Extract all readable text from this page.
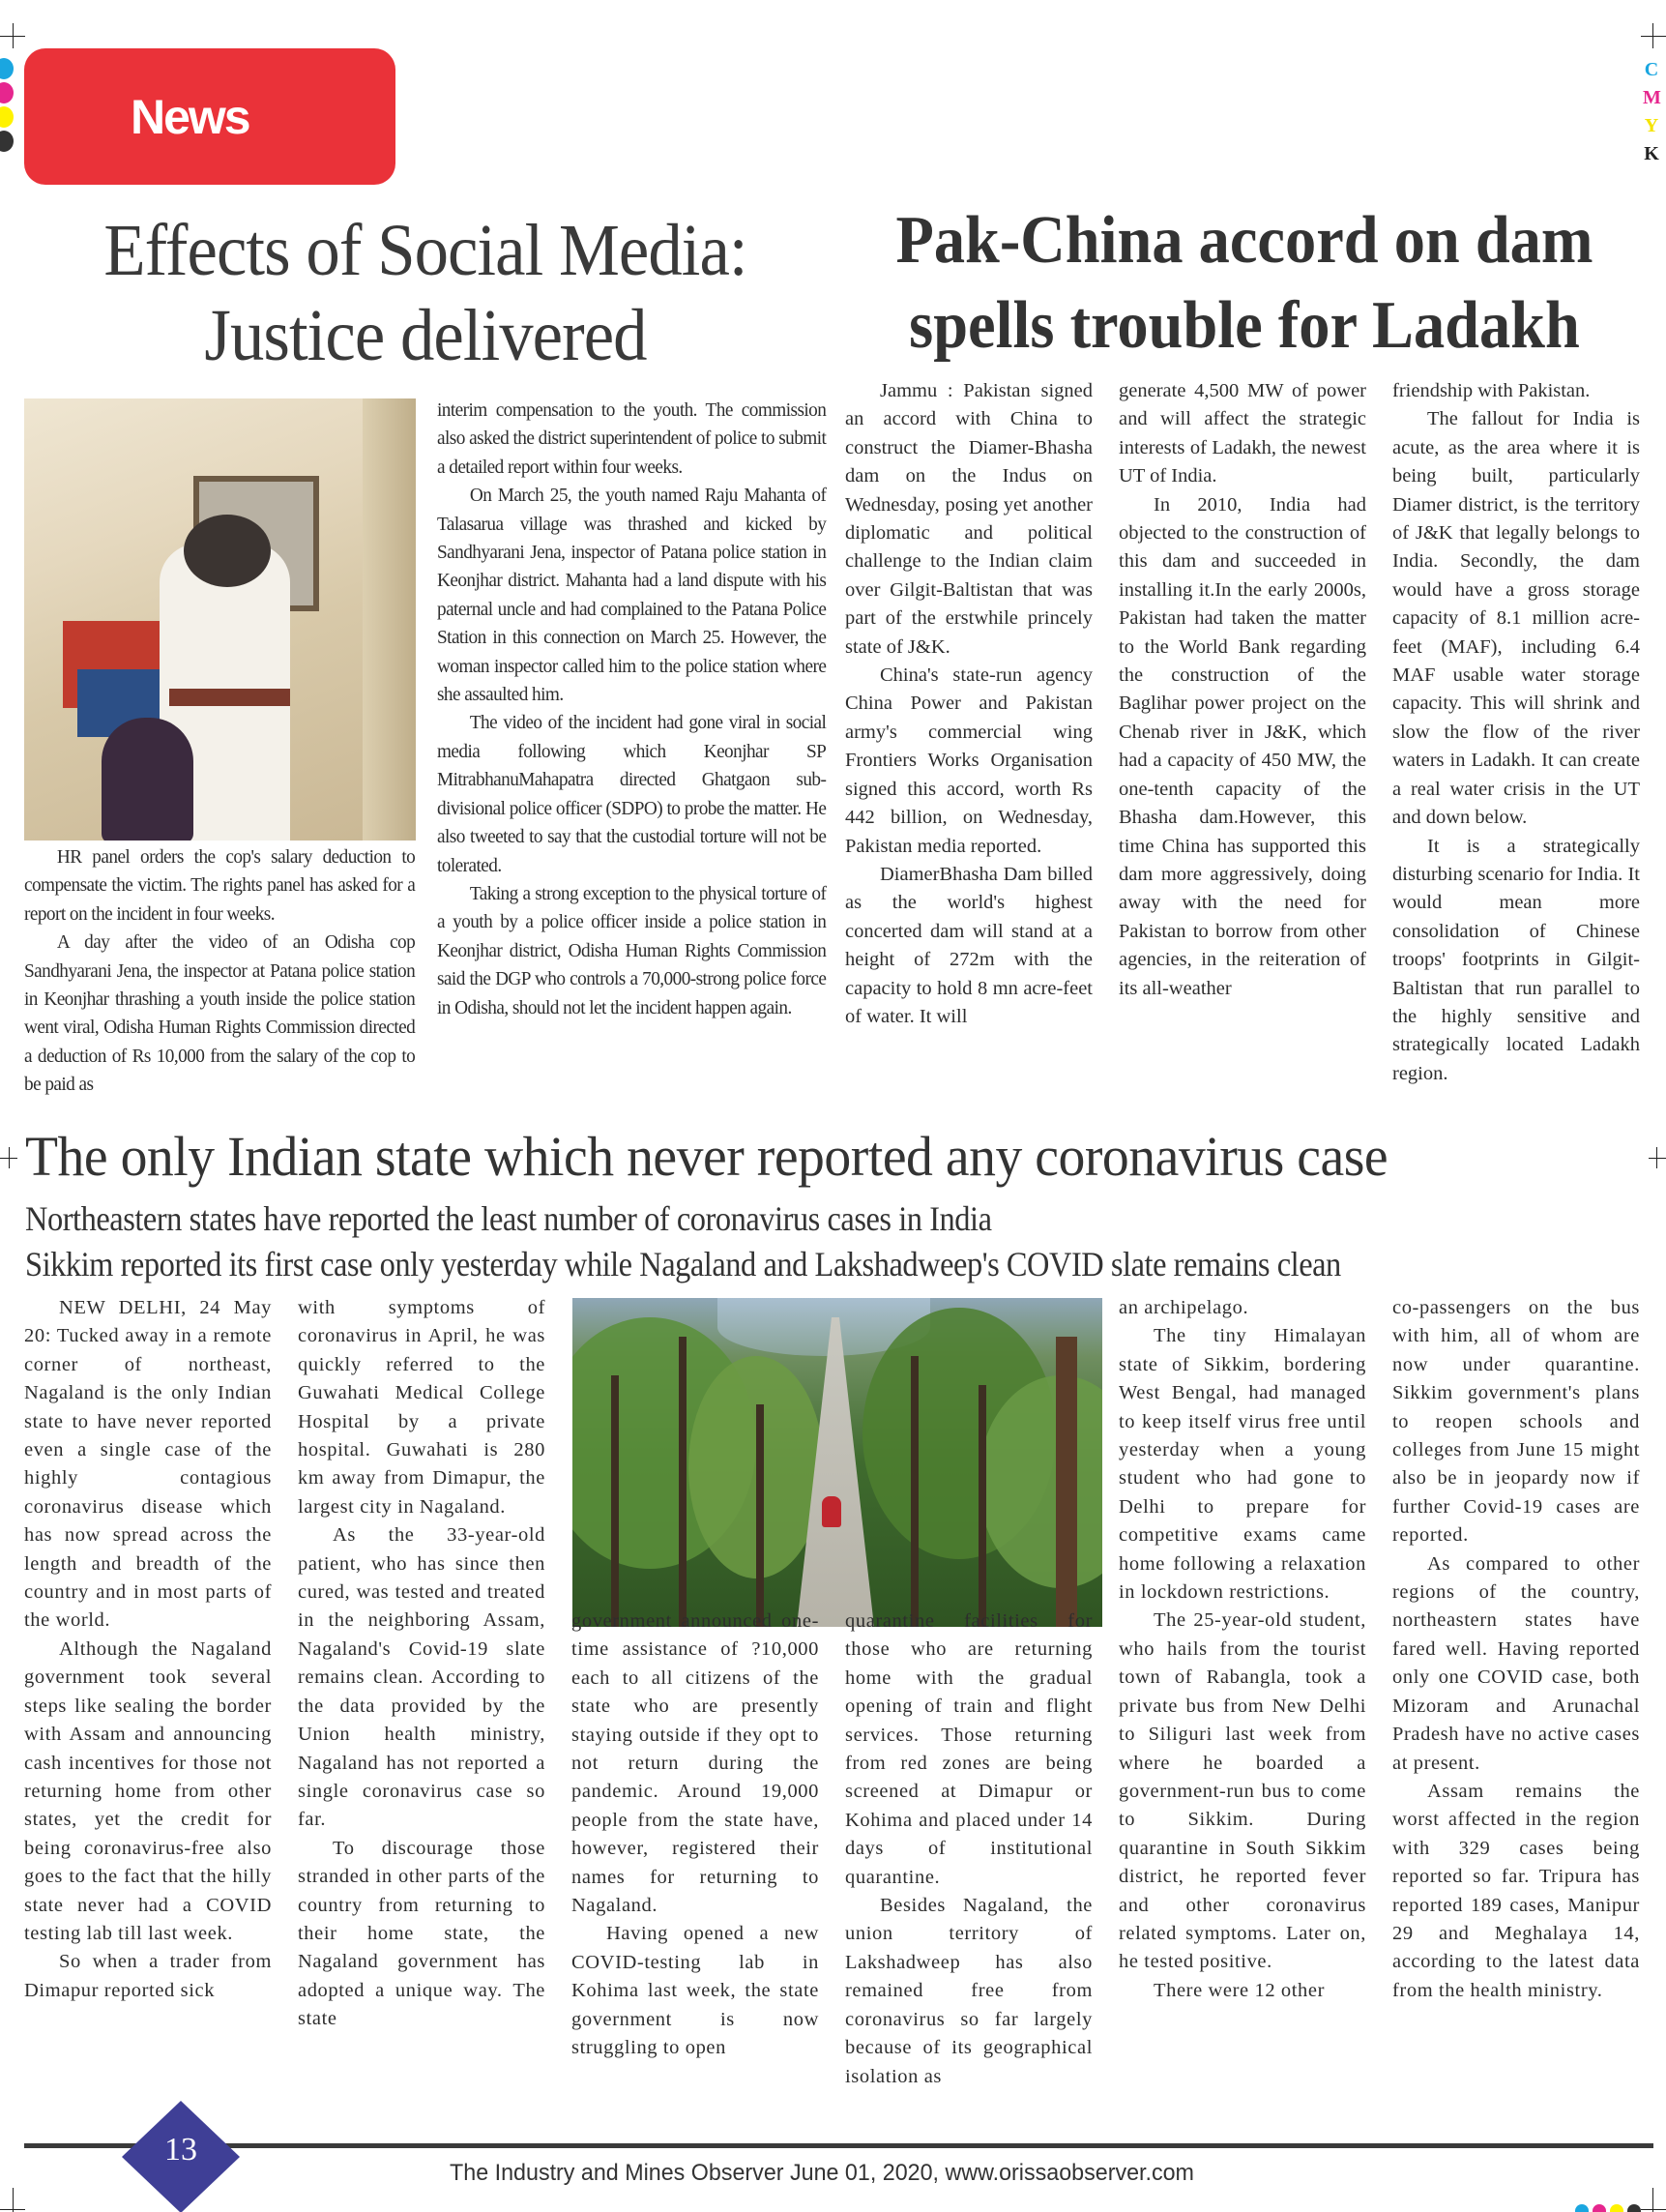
C
M
Y
K
News
Effects of Social Media:
Justice delivered
Pak-China accord on dam
spells trouble for Ladakh

HR panel orders the cop's salary deduction to compensate the victim. The rights panel has asked for a report on the incident in four weeks.

A day after the video of an Odisha cop Sandhyarani Jena, the inspector at Patana police station in Keonjhar thrashing a youth inside the police station went viral, Odisha Human Rights Commission directed a deduction of Rs 10,000 from the salary of the cop to be paid as

interim compensation to the youth. The commission also asked the district superintendent of police to submit a detailed report within four weeks.

On March 25, the youth named Raju Mahanta of Talasarua village was thrashed and kicked by Sandhyarani Jena, inspector of Patana police station in Keonjhar district. Mahanta had a land dispute with his paternal uncle and had complained to the Patana Police Station in this connection on March 25. However, the woman inspector called him to the police station where she assaulted him.

The video of the incident had gone viral in social media following which Keonjhar SP MitrabhanuMahapatra directed Ghatgaon sub-divisional police officer (SDPO) to probe the matter. He also tweeted to say that the custodial torture will not be tolerated.

Taking a strong exception to the physical torture of a youth by a police officer inside a police station in Keonjhar district, Odisha Human Rights Commission said the DGP who controls a 70,000-strong police force in Odisha, should not let the incident happen again.

Jammu : Pakistan signed an accord with China to construct the Diamer-Bhasha dam on the Indus on Wednesday, posing yet another diplomatic and political challenge to the Indian claim over Gilgit-Baltistan that was part of the erstwhile princely state of J&K.

China's state-run agency China Power and Pakistan army's commercial wing Frontiers Works Organisation signed this accord, worth Rs 442 billion, on Wednesday, Pakistan media reported.

DiamerBhasha Dam billed as the world's highest concerted dam will stand at a height of 272m with the capacity to hold 8 mn acre-feet of water. It will

generate 4,500 MW of power and will affect the strategic interests of Ladakh, the newest UT of India.

In 2010, India had objected to the construction of this dam and succeeded in installing it.In the early 2000s, Pakistan had taken the matter to the World Bank regarding the construction of the Baglihar power project on the Chenab river in J&K, which had a capacity of 450 MW, the one-tenth capacity of the Bhasha dam.However, this time China has supported this dam more aggressively, doing away with the need for Pakistan to borrow from other agencies, in the reiteration of its all-weather

friendship with Pakistan.

The fallout for India is acute, as the area where it is being built, particularly Diamer district, is the territory of J&K that legally belongs to India. Secondly, the dam would have a gross storage capacity of 8.1 million acre-feet (MAF), including 6.4 MAF usable water storage capacity. This will shrink and slow the flow of the river waters in Ladakh. It can create a real water crisis in the UT and down below.

It is a strategically disturbing scenario for India. It would mean more consolidation of Chinese troops' footprints in Gilgit-Baltistan that run parallel to the highly sensitive and strategically located Ladakh region.

The only Indian state which never reported any coronavirus case
Northeastern states have reported the least number of coronavirus cases in India
Sikkim reported its first case only yesterday while Nagaland and Lakshadweep's COVID slate remains clean

NEW DELHI, 24 May 20: Tucked away in a remote corner of northeast, Nagaland is the only Indian state to have never reported even a single case of the highly contagious coronavirus disease which has now spread across the length and breadth of the country and in most parts of the world.

Although the Nagaland government took several steps like sealing the border with Assam and announcing cash incentives for those not returning home from other states, yet the credit for being coronavirus-free also goes to the fact that the hilly state never had a COVID testing lab till last week.

So when a trader from Dimapur reported sick

with symptoms of coronavirus in April, he was quickly referred to the Guwahati Medical College Hospital by a private hospital. Guwahati is 280 km away from Dimapur, the largest city in Nagaland.

As the 33-year-old patient, who has since then cured, was tested and treated in the neighboring Assam, Nagaland's Covid-19 slate remains clean. According to the data provided by the Union health ministry, Nagaland has not reported a single coronavirus case so far.

To discourage those stranded in other parts of the country from returning to their home state, the Nagaland government has adopted a unique way. The state

government announced one-time assistance of ?10,000 each to all citizens of the state who are presently staying outside if they opt to not return during the pandemic. Around 19,000 people from the state have, however, registered their names for returning to Nagaland.

Having opened a new COVID-testing lab in Kohima last week, the state government is now struggling to open

quarantine facilities for those who are returning home with the gradual opening of train and flight services. Those returning from red zones are being screened at Dimapur or Kohima and placed under 14 days of institutional quarantine.

Besides Nagaland, the union territory of Lakshadweep has also remained free from coronavirus so far largely because of its geographical isolation as

an archipelago.

The tiny Himalayan state of Sikkim, bordering West Bengal, had managed to keep itself virus free until yesterday when a young student who had gone to Delhi to prepare for competitive exams came home following a relaxation in lockdown restrictions.

The 25-year-old student, who hails from the tourist town of Rabangla, took a private bus from New Delhi to Siliguri last week from where he boarded a government-run bus to come to Sikkim. During quarantine in South Sikkim district, he reported fever and other coronavirus related symptoms. Later on, he tested positive.

There were 12 other

co-passengers on the bus with him, all of whom are now under quarantine. Sikkim government's plans to reopen schools and colleges from June 15 might also be in jeopardy now if further Covid-19 cases are reported.

As compared to other regions of the country, northeastern states have fared well. Having reported only one COVID case, both Mizoram and Arunachal Pradesh have no active cases at present.

Assam remains the worst affected in the region with 329 cases being reported so far. Tripura has reported 189 cases, Manipur 29 and Meghalaya 14, according to the latest data from the health ministry.

13
The Industry and Mines Observer June 01, 2020, www.orissaobserver.com
